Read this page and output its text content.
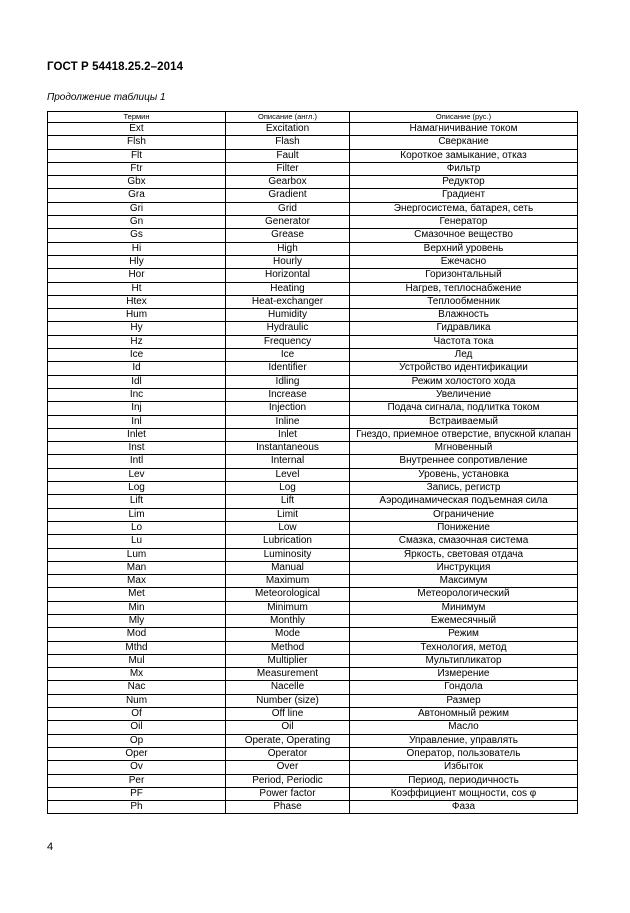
ГОСТ Р 54418.25.2–2014
Продолжение таблицы 1
Термин	Описание (англ.)	Описание (рус.)
Ext	Excitation	Намагничивание током
Flsh	Flash	Сверкание
Flt	Fault	Короткое замыкание, отказ
Ftr	Filter	Фильтр
Gbx	Gearbox	Редуктор
Gra	Gradient	Градиент
Gri	Grid	Энергосистема, батарея, сеть
Gn	Generator	Генератор
Gs	Grease	Смазочное вещество
Hi	High	Верхний уровень
Hly	Hourly	Ежечасно
Hor	Horizontal	Горизонтальный
Ht	Heating	Нагрев, теплоснабжение
Htex	Heat-exchanger	Теплообменник
Hum	Humidity	Влажность
Hy	Hydraulic	Гидравлика
Hz	Frequency	Частота тока
Ice	Ice	Лед
Id	Identifier	Устройство идентификации
Idl	Idling	Режим холостого хода
Inc	Increase	Увеличение
Inj	Injection	Подача сигнала, подлитка током
Inl	Inline	Встраиваемый
Inlet	Inlet	Гнездо, приемное отверстие, впускной клапан
Inst	Instantaneous	Мгновенный
Intl	Internal	Внутреннее сопротивление
Lev	Level	Уровень, установка
Log	Log	Запись, регистр
Lift	Lift	Аэродинамическая подъемная сила
Lim	Limit	Ограничение
Lo	Low	Понижение
Lu	Lubrication	Смазка, смазочная система
Lum	Luminosity	Яркость, световая отдача
Man	Manual	Инструкция
Max	Maximum	Максимум
Met	Meteorological	Метеорологический
Min	Minimum	Минимум
Mly	Monthly	Ежемесячный
Mod	Mode	Режим
Mthd	Method	Технология, метод
Mul	Multiplier	Мультипликатор
Mx	Measurement	Измерение
Nac	Nacelle	Гондола
Num	Number (size)	Размер
Of	Off line	Автономный режим
Oil	Oil	Масло
Op	Operate, Operating	Управление, управлять
Oper	Operator	Оператор, пользователь
Ov	Over	Избыток
Per	Period, Periodic	Период, периодичность
PF	Power factor	Коэффициент мощности, cos φ
Ph	Phase	Фаза
4
